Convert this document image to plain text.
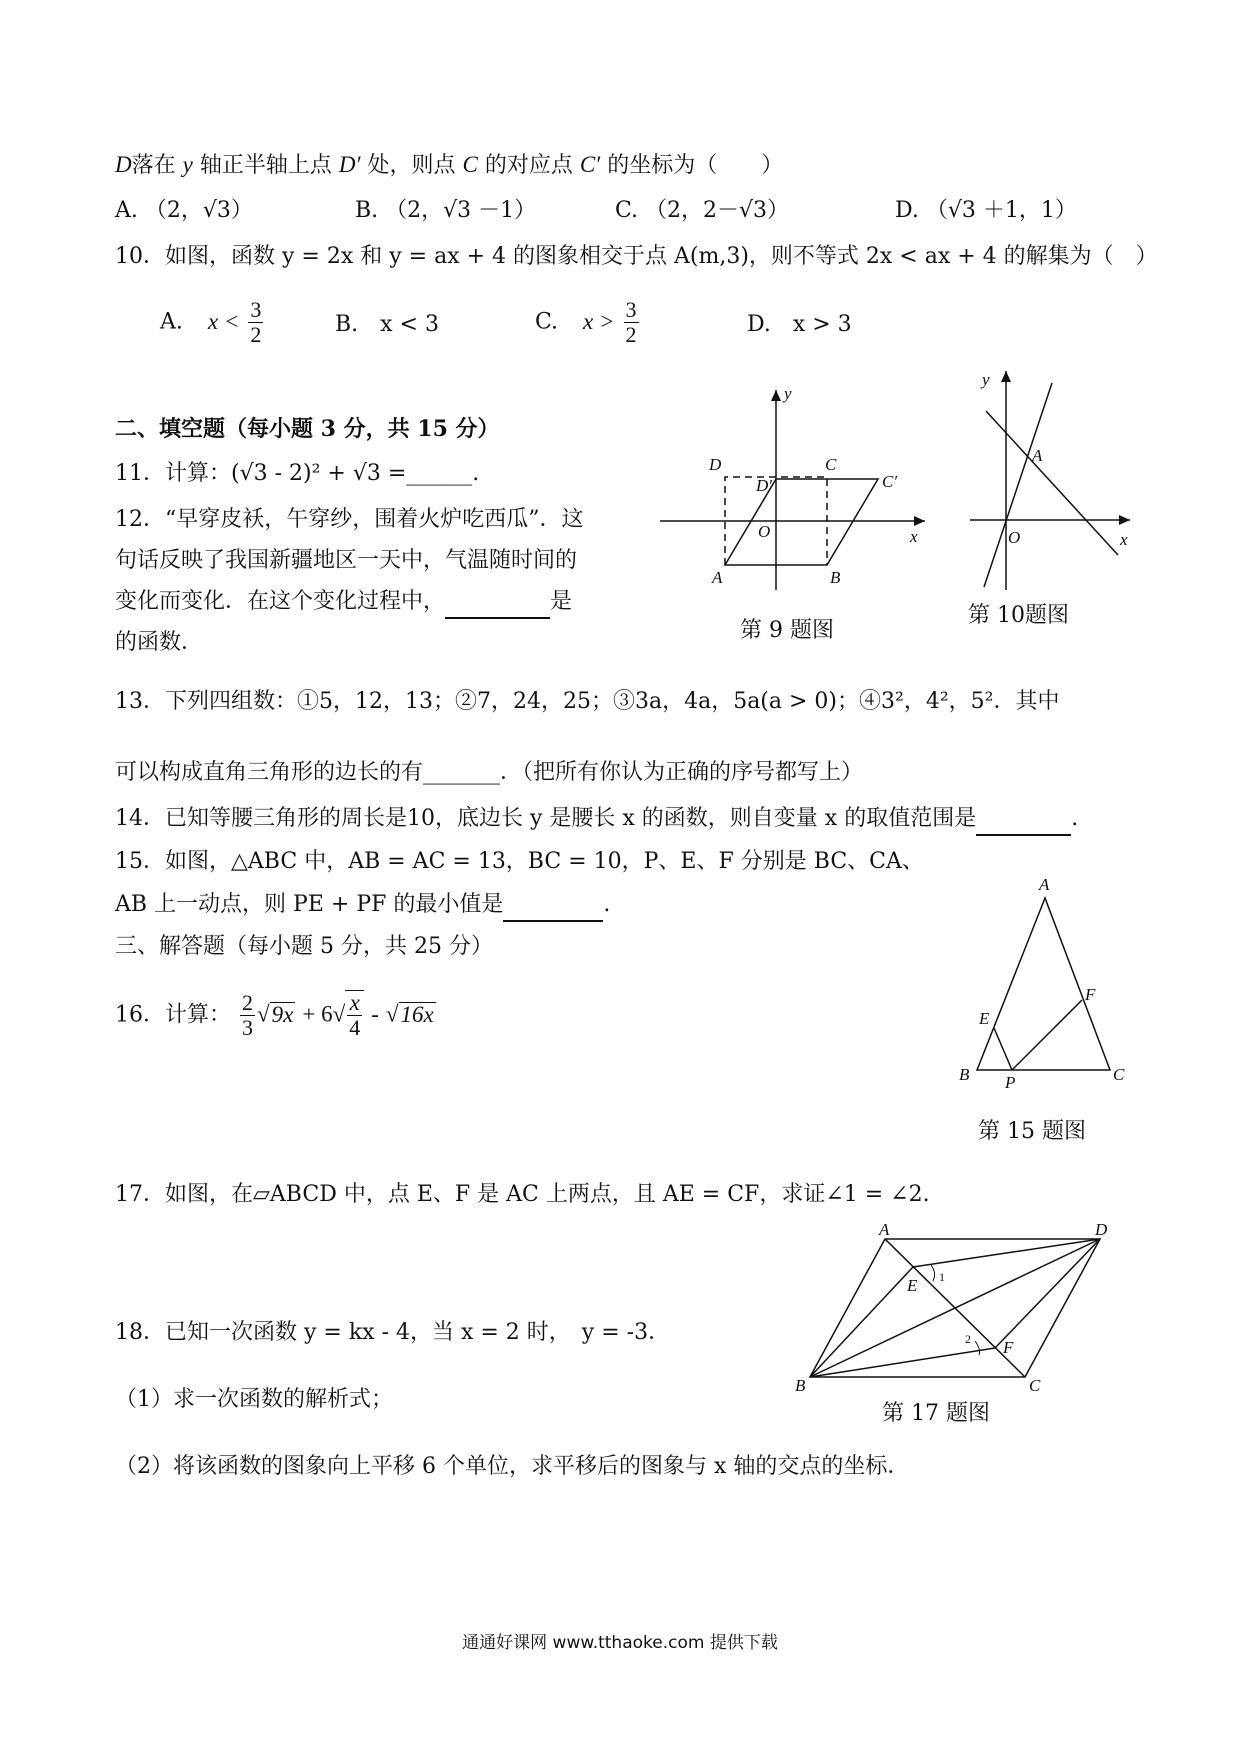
D落在 y 轴正半轴上点 D′ 处，则点 C 的对应点 C′ 的坐标为（　　）
A. （2，√3）	B. （2，√3 －1）	C. （2，2－√3）	D. （√3 ＋1，1）
10．如图，函数 y = 2x 和 y = ax + 4 的图象相交于点 A(m,3)，则不等式 2x < ax + 4 的解集为（　）
A. $x < \frac{3}{2}$	B.　x < 3	C. $x > \frac{3}{2}$	D.　x > 3
二、填空题（每小题 3 分，共 15 分）
11．计算：(√3 - 2)² + √3 =______.
12．“早穿皮袄，午穿纱，围着火炉吃西瓜”．这
句话反映了我国新疆地区一天中，气温随时间的
变化而变化．在这个变化过程中，	是
的函数．
y
x
D	C
D′	C′
O
A	B
第 9 题图
y
x
A
O
第 10题图
13．下列四组数：①5，12，13；②7，24，25；③3a，4a，5a(a > 0)；④3²，4²，5²．其中
可以构成直角三角形的边长的有_______．（把所有你认为正确的序号都写上）
14．已知等腰三角形的周长是10，底边长 y 是腰长 x 的函数，则自变量 x 的取值范围是	.
15．如图，△ABC 中，AB = AC = 13，BC = 10，P、E、F 分别是 BC、CA、
AB 上一动点，则 PE + PF 的最小值是	.
三、解答题（每小题 5 分，共 25 分）
16．计算： $\frac{2}{3} √9x + 6√ \frac{x}{4} - √16x$
A
B	C
E
F
P
第 15 题图
17．如图，在▱ABCD 中，点 E、F 是 AC 上两点，且 AE = CF，求证∠1 = ∠2.
A	D
B	C
E
F
1
2
第 17 题图
18．已知一次函数 y = kx - 4，当 x = 2 时，　y = -3．
（1）求一次函数的解析式；
（2）将该函数的图象向上平移 6 个单位，求平移后的图象与 x 轴的交点的坐标．
通通好课网 www.tthaoke.com 提供下载
